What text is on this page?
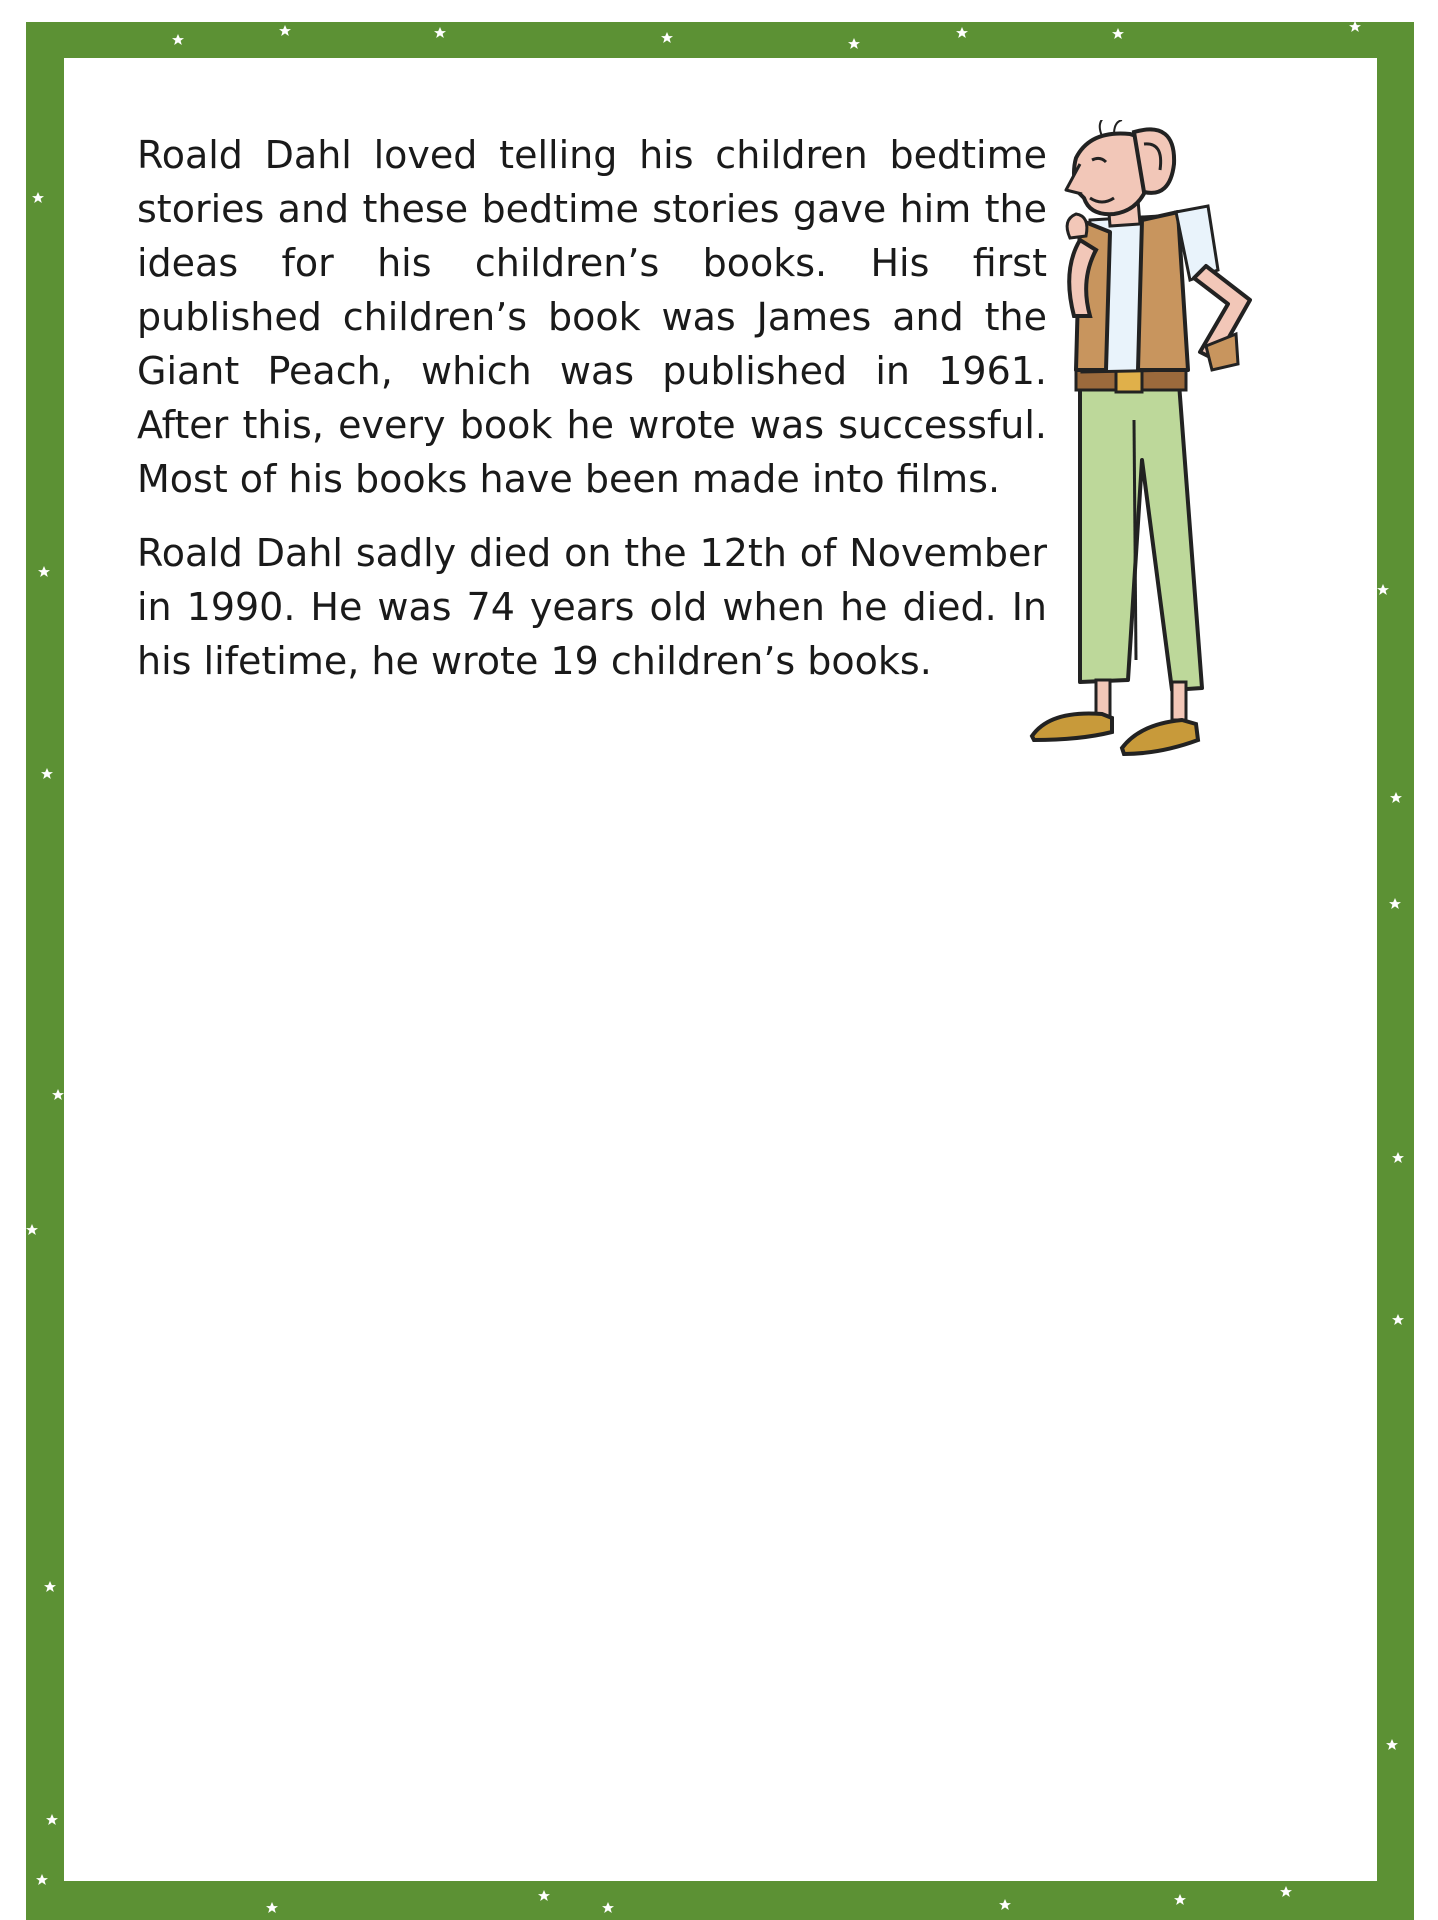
Roald Dahl loved telling his children bedtime stories and these bedtime stories gave him the ideas for his children’s books. His first published children’s book was James and the Giant Peach, which was published in 1961. After this, every book he wrote was successful. Most of his books have been made into films.

Roald Dahl sadly died on the 12th of November in 1990. He was 74 years old when he died. In his lifetime, he wrote 19 children’s books.
